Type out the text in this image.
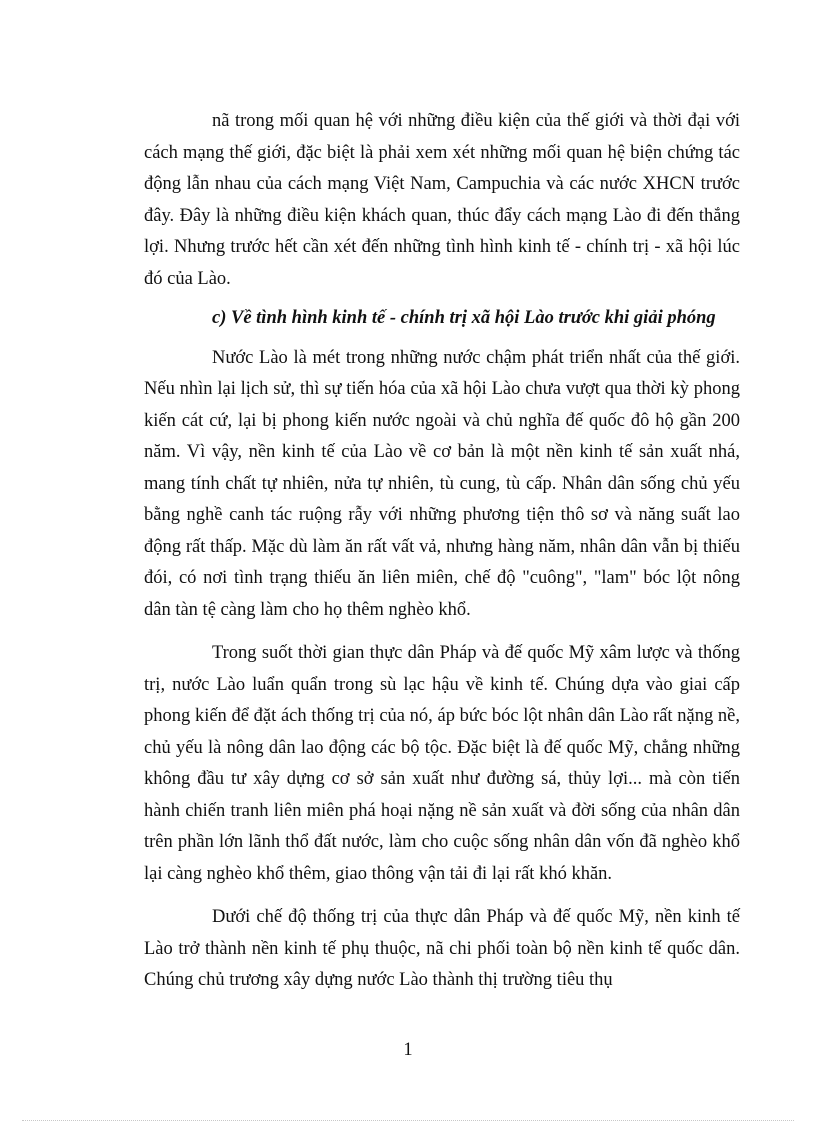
nã trong mối quan hệ với những điều kiện của thế giới và thời đại với cách mạng thế giới, đặc biệt là phải xem xét những mối quan hệ biện chứng tác động lẫn nhau của cách mạng Việt Nam, Campuchia và các nước XHCN trước đây. Đây là những điều kiện khách quan, thúc đẩy cách mạng Lào đi đến thắng lợi. Nhưng trước hết cần xét đến những tình hình kinh tế - chính trị - xã hội lúc đó của Lào.

c) Về tình hình kinh tế - chính trị xã hội Lào trước khi giải phóng

Nước Lào là mét trong những nước chậm phát triển nhất của thế giới. Nếu nhìn lại lịch sử, thì sự tiến hóa của xã hội Lào chưa vượt qua thời kỳ phong kiến cát cứ, lại bị phong kiến nước ngoài và chủ nghĩa đế quốc đô hộ gần 200 năm. Vì vậy, nền kinh tế của Lào về cơ bản là một nền kinh tế sản xuất nhá, mang tính chất tự nhiên, nửa tự nhiên, tù cung, tù cấp. Nhân dân sống chủ yếu bằng nghề canh tác ruộng rẫy với những phương tiện thô sơ và năng suất lao động rất thấp. Mặc dù làm ăn rất vất vả, nhưng hàng năm, nhân dân vẫn bị thiếu đói, có nơi tình trạng thiếu ăn liên miên, chế độ "cuông", "lam" bóc lột nông dân tàn tệ càng làm cho họ thêm nghèo khổ.

Trong suốt thời gian thực dân Pháp và đế quốc Mỹ xâm lược và thống trị, nước Lào luẩn quẩn trong sù lạc hậu về kinh tế. Chúng dựa vào giai cấp phong kiến để đặt ách thống trị của nó, áp bức bóc lột nhân dân Lào rất nặng nề, chủ yếu là nông dân lao động các bộ tộc. Đặc biệt là đế quốc Mỹ, chẳng những không đầu tư xây dựng cơ sở sản xuất như đường sá, thủy lợi... mà còn tiến hành chiến tranh liên miên phá hoại nặng nề sản xuất và đời sống của nhân dân trên phần lớn lãnh thổ đất nước, làm cho cuộc sống nhân dân vốn đã nghèo khổ lại càng nghèo khổ thêm, giao thông vận tải đi lại rất khó khăn.

Dưới chế độ thống trị của thực dân Pháp và đế quốc Mỹ, nền kinh tế Lào trở thành nền kinh tế phụ thuộc, nã chi phối toàn bộ nền kinh tế quốc dân. Chúng chủ trương xây dựng nước Lào thành thị trường tiêu thụ

1
